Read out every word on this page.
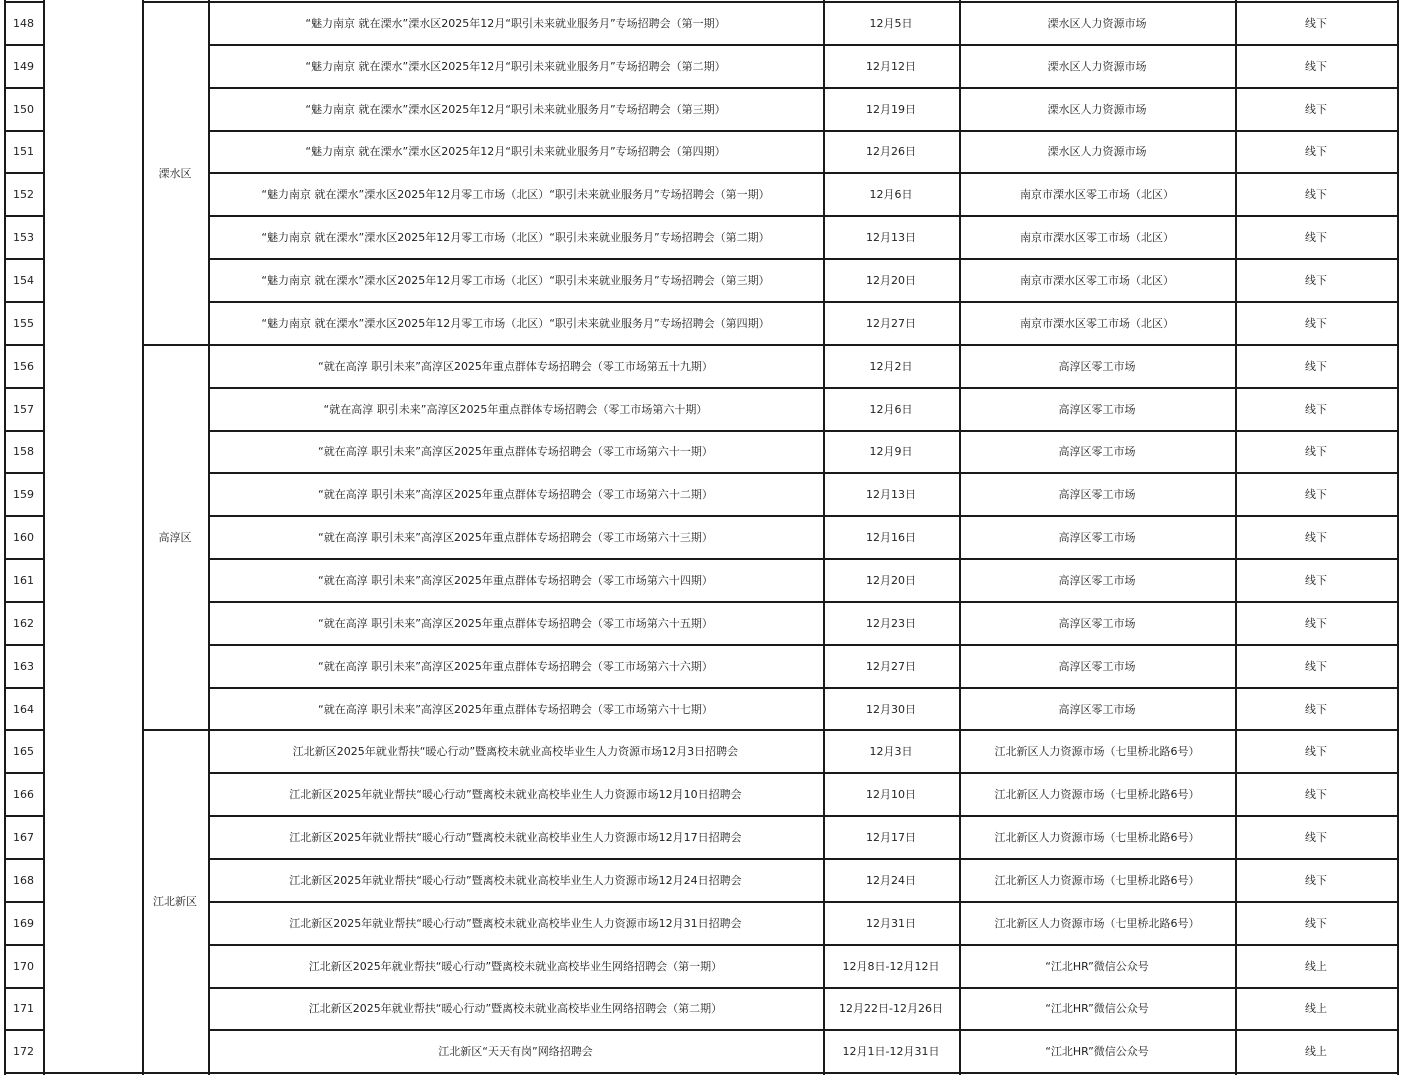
148	“魅力南京 就在溧水”溧水区2025年12月“职引未来就业服务月”专场招聘会（第一期）	12月5日	溧水区人力资源市场	线下
149	“魅力南京 就在溧水”溧水区2025年12月“职引未来就业服务月”专场招聘会（第二期）	12月12日	溧水区人力资源市场	线下
150	“魅力南京 就在溧水”溧水区2025年12月“职引未来就业服务月”专场招聘会（第三期）	12月19日	溧水区人力资源市场	线下
151	“魅力南京 就在溧水”溧水区2025年12月“职引未来就业服务月”专场招聘会（第四期）	12月26日	溧水区人力资源市场	线下
152	“魅力南京 就在溧水”溧水区2025年12月零工市场（北区）“职引未来就业服务月”专场招聘会（第一期）	12月6日	南京市溧水区零工市场（北区）	线下
153	“魅力南京 就在溧水”溧水区2025年12月零工市场（北区）“职引未来就业服务月”专场招聘会（第二期）	12月13日	南京市溧水区零工市场（北区）	线下
154	“魅力南京 就在溧水”溧水区2025年12月零工市场（北区）“职引未来就业服务月”专场招聘会（第三期）	12月20日	南京市溧水区零工市场（北区）	线下
155	“魅力南京 就在溧水”溧水区2025年12月零工市场（北区）“职引未来就业服务月”专场招聘会（第四期）	12月27日	南京市溧水区零工市场（北区）	线下
156	“就在高淳 职引未来”高淳区2025年重点群体专场招聘会（零工市场第五十九期）	12月2日	高淳区零工市场	线下
157	“就在高淳 职引未来”高淳区2025年重点群体专场招聘会（零工市场第六十期）	12月6日	高淳区零工市场	线下
158	“就在高淳 职引未来”高淳区2025年重点群体专场招聘会（零工市场第六十一期）	12月9日	高淳区零工市场	线下
159	“就在高淳 职引未来”高淳区2025年重点群体专场招聘会（零工市场第六十二期）	12月13日	高淳区零工市场	线下
160	“就在高淳 职引未来”高淳区2025年重点群体专场招聘会（零工市场第六十三期）	12月16日	高淳区零工市场	线下
161	“就在高淳 职引未来”高淳区2025年重点群体专场招聘会（零工市场第六十四期）	12月20日	高淳区零工市场	线下
162	“就在高淳 职引未来”高淳区2025年重点群体专场招聘会（零工市场第六十五期）	12月23日	高淳区零工市场	线下
163	“就在高淳 职引未来”高淳区2025年重点群体专场招聘会（零工市场第六十六期）	12月27日	高淳区零工市场	线下
164	“就在高淳 职引未来”高淳区2025年重点群体专场招聘会（零工市场第六十七期）	12月30日	高淳区零工市场	线下
165	江北新区2025年就业帮扶“暖心行动”暨离校未就业高校毕业生人力资源市场12月3日招聘会	12月3日	江北新区人力资源市场（七里桥北路6号）	线下
166	江北新区2025年就业帮扶“暖心行动”暨离校未就业高校毕业生人力资源市场12月10日招聘会	12月10日	江北新区人力资源市场（七里桥北路6号）	线下
167	江北新区2025年就业帮扶“暖心行动”暨离校未就业高校毕业生人力资源市场12月17日招聘会	12月17日	江北新区人力资源市场（七里桥北路6号）	线下
168	江北新区2025年就业帮扶“暖心行动”暨离校未就业高校毕业生人力资源市场12月24日招聘会	12月24日	江北新区人力资源市场（七里桥北路6号）	线下
169	江北新区2025年就业帮扶“暖心行动”暨离校未就业高校毕业生人力资源市场12月31日招聘会	12月31日	江北新区人力资源市场（七里桥北路6号）	线下
170	江北新区2025年就业帮扶“暖心行动”暨离校未就业高校毕业生网络招聘会（第一期）	12月8日-12月12日	“江北HR”微信公众号	线上
171	江北新区2025年就业帮扶“暖心行动”暨离校未就业高校毕业生网络招聘会（第二期）	12月22日-12月26日	“江北HR”微信公众号	线上
172	江北新区“天天有岗”网络招聘会	12月1日-12月31日	“江北HR”微信公众号	线上
溧水区
高淳区
江北新区
